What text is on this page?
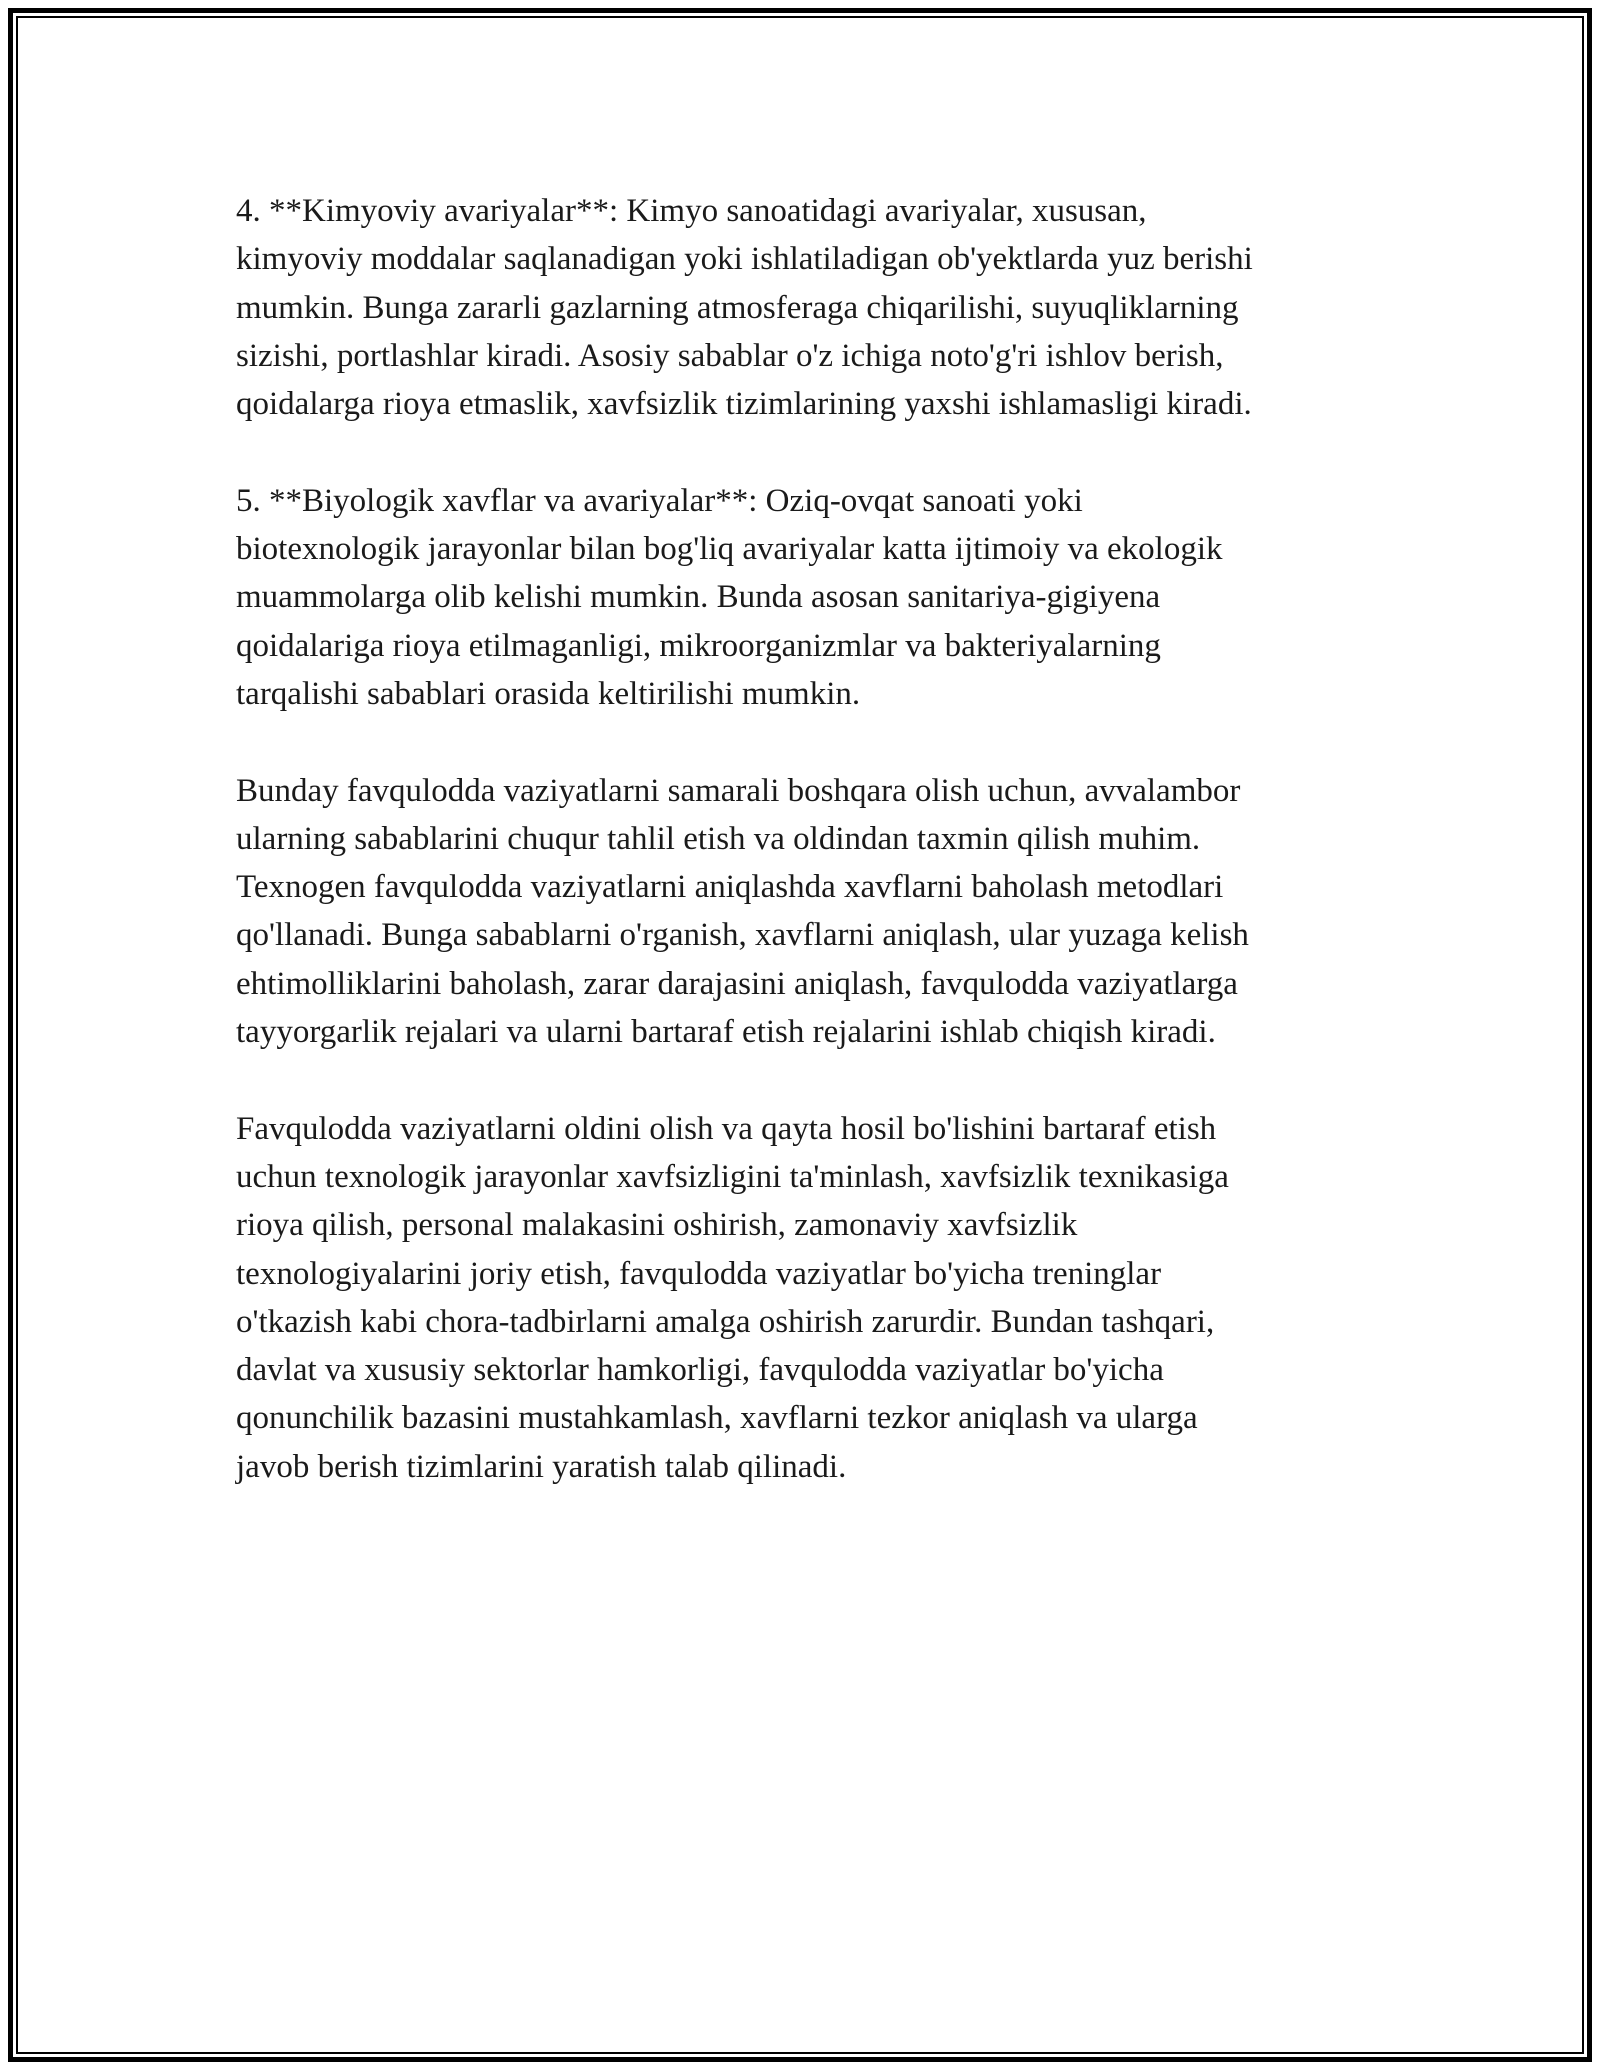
4. **Kimyoviy avariyalar**: Kimyo sanoatidagi avariyalar, xususan,
kimyoviy moddalar saqlanadigan yoki ishlatiladigan ob'yektlarda yuz berishi
mumkin. Bunga zararli gazlarning atmosferaga chiqarilishi, suyuqliklarning
sizishi, portlashlar kiradi. Asosiy sabablar o'z ichiga noto'g'ri ishlov berish,
qoidalarga rioya etmaslik, xavfsizlik tizimlarining yaxshi ishlamasligi kiradi.

5. **Biyologik xavflar va avariyalar**: Oziq-ovqat sanoati yoki
biotexnologik jarayonlar bilan bog'liq avariyalar katta ijtimoiy va ekologik
muammolarga olib kelishi mumkin. Bunda asosan sanitariya-gigiyena
qoidalariga rioya etilmaganligi, mikroorganizmlar va bakteriyalarning
tarqalishi sabablari orasida keltirilishi mumkin.

Bunday favqulodda vaziyatlarni samarali boshqara olish uchun, avvalambor
ularning sabablarini chuqur tahlil etish va oldindan taxmin qilish muhim.
Texnogen favqulodda vaziyatlarni aniqlashda xavflarni baholash metodlari
qo'llanadi. Bunga sabablarni o'rganish, xavflarni aniqlash, ular yuzaga kelish
ehtimolliklarini baholash, zarar darajasini aniqlash, favqulodda vaziyatlarga
tayyorgarlik rejalari va ularni bartaraf etish rejalarini ishlab chiqish kiradi.

Favqulodda vaziyatlarni oldini olish va qayta hosil bo'lishini bartaraf etish
uchun texnologik jarayonlar xavfsizligini ta'minlash, xavfsizlik texnikasiga
rioya qilish, personal malakasini oshirish, zamonaviy xavfsizlik
texnologiyalarini joriy etish, favqulodda vaziyatlar bo'yicha treninglar
o'tkazish kabi chora-tadbirlarni amalga oshirish zarurdir. Bundan tashqari,
davlat va xususiy sektorlar hamkorligi, favqulodda vaziyatlar bo'yicha
qonunchilik bazasini mustahkamlash, xavflarni tezkor aniqlash va ularga
javob berish tizimlarini yaratish talab qilinadi.
